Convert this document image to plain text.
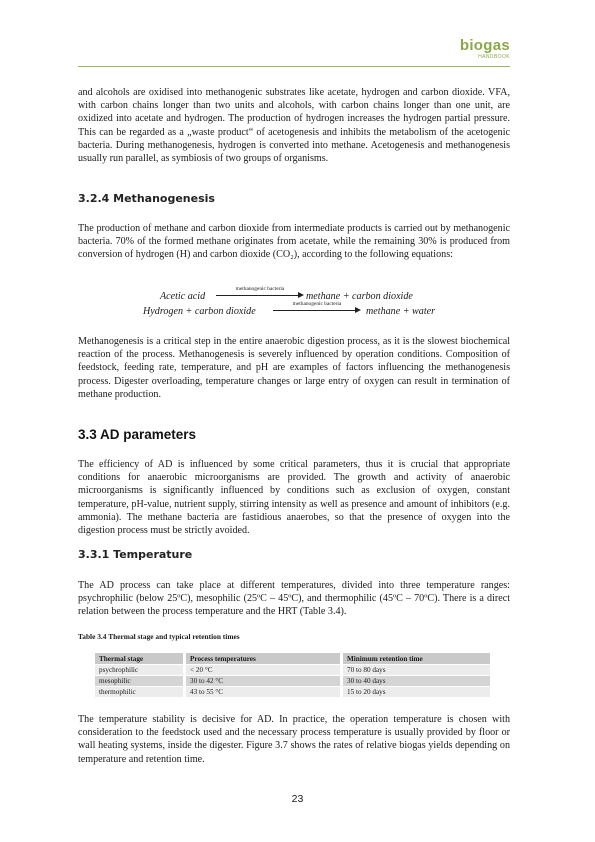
biogas
HANDBOOK

and alcohols are oxidised into methanogenic substrates like acetate, hydrogen and carbon dioxide. VFA, with carbon chains longer than two units and alcohols, with carbon chains longer than one unit, are oxidized into acetate and hydrogen. The production of hydrogen increases the hydrogen partial pressure. This can be regarded as a „waste product“ of acetogenesis and inhibits the metabolism of the acetogenic bacteria. During methanogenesis, hydrogen is converted into methane. Acetogenesis and methanogenesis usually run parallel, as symbiosis of two groups of organisms.

3.2.4 Methanogenesis

The production of methane and carbon dioxide from intermediate products is carried out by methanogenic bacteria. 70% of the formed methane originates from acetate, while the remaining 30% is produced from conversion of hydrogen (H) and carbon dioxide (CO₂), according to the following equations:

Acetic acid
methanogenic bacteria
methane + carbon dioxide
Hydrogen + carbon dioxide
methanogenic bacteria
methane + water

Methanogenesis is a critical step in the entire anaerobic digestion process, as it is the slowest biochemical reaction of the process. Methanogenesis is severely influenced by operation conditions. Composition of feedstock, feeding rate, temperature, and pH are examples of factors influencing the methanogenesis process. Digester overloading, temperature changes or large entry of oxygen can result in termination of methane production.

3.3 AD parameters

The efficiency of AD is influenced by some critical parameters, thus it is crucial that appropriate conditions for anaerobic microorganisms are provided. The growth and activity of anaerobic microorganisms is significantly influenced by conditions such as exclusion of oxygen, constant temperature, pH-value, nutrient supply, stirring intensity as well as presence and amount of inhibitors (e.g. ammonia). The methane bacteria are fastidious anaerobes, so that the presence of oxygen into the digestion process must be strictly avoided.

3.3.1 Temperature

The AD process can take place at different temperatures, divided into three temperature ranges: psychrophilic (below 25ºC), mesophilic (25ºC – 45ºC), and thermophilic (45ºC – 70ºC). There is a direct relation between the process temperature and the HRT (Table 3.4).

Table 3.4 Thermal stage and typical retention times

Thermal stage	Process temperatures	Minimum retention time
psychrophilic	< 20 °C	70 to 80 days
mesophilic	30 to 42 °C	30 to 40 days
thermophilic	43 to 55 °C	15 to 20 days

The temperature stability is decisive for AD. In practice, the operation temperature is chosen with consideration to the feedstock used and the necessary process temperature is usually provided by floor or wall heating systems, inside the digester. Figure 3.7 shows the rates of relative biogas yields depending on temperature and retention time.

23
